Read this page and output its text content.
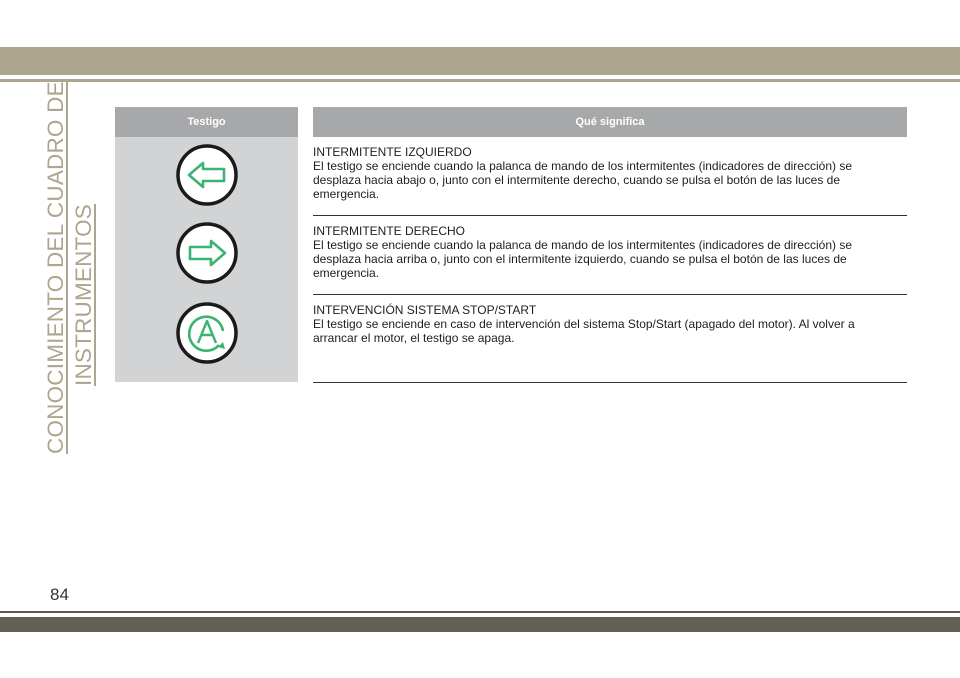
CONOCIMIENTO DEL CUADRO DE INSTRUMENTOS
Testigo		Qué significa

INTERMITENTE IZQUIERDO
El testigo se enciende cuando la palanca de mando de los intermitentes (indicadores de dirección) se desplaza hacia abajo o, junto con el intermitente derecho, cuando se pulsa el botón de las luces de emergencia.

INTERMITENTE DERECHO
El testigo se enciende cuando la palanca de mando de los intermitentes (indicadores de dirección) se desplaza hacia arriba o, junto con el intermitente izquierdo, cuando se pulsa el botón de las luces de emergencia.

INTERVENCIÓN SISTEMA STOP/START
El testigo se enciende en caso de intervención del sistema Stop/Start (apagado del motor). Al volver a arrancar el motor, el testigo se apaga.
84
